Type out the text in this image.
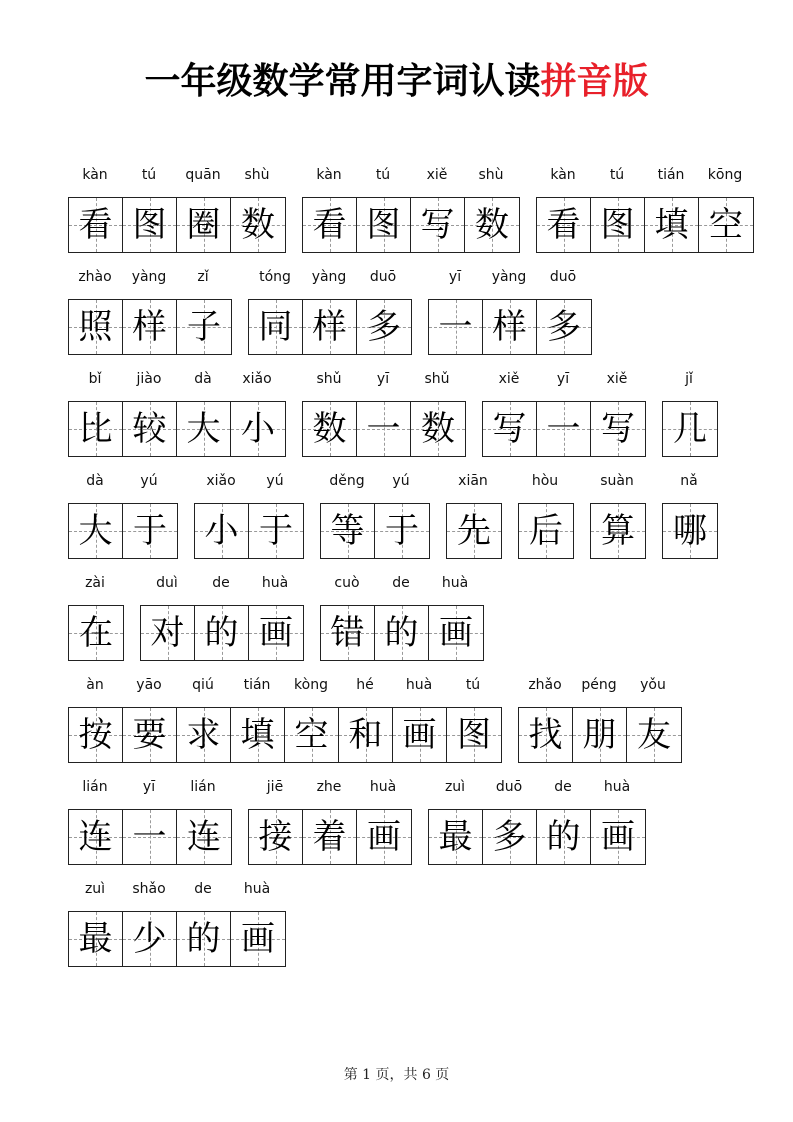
一年级数学常用字词认读拼音版
kàn	tú	quān	shù
看 图 圈 数
kàn	tú	xiě	shù
看 图 写 数
kàn	tú	tián	kōng
看 图 填 空
zhào	yàng	zǐ
照 样 子
tóng	yàng	duō
同 样 多
yī	yàng	duō
一 样 多
bǐ	jiào	dà	xiǎo
比 较 大 小
shǔ	yī	shǔ
数 一 数
xiě	yī	xiě
写 一 写
jǐ
几
dà	yú
大 于
xiǎo	yú
小 于
děng	yú
等 于
xiān
先
hòu
后
suàn
算
nǎ
哪
zài
在
duì	de	huà
对 的 画
cuò	de	huà
错 的 画
àn	yāo	qiú	tián	kòng	hé	huà	tú
按 要 求 填 空 和 画 图
zhǎo	péng	yǒu
找 朋 友
lián	yī	lián
连 一 连
jiē	zhe	huà
接 着 画
zuì	duō	de	huà
最 多 的 画
zuì	shǎo	de	huà
最 少 的 画
第 1 页，共 6 页
